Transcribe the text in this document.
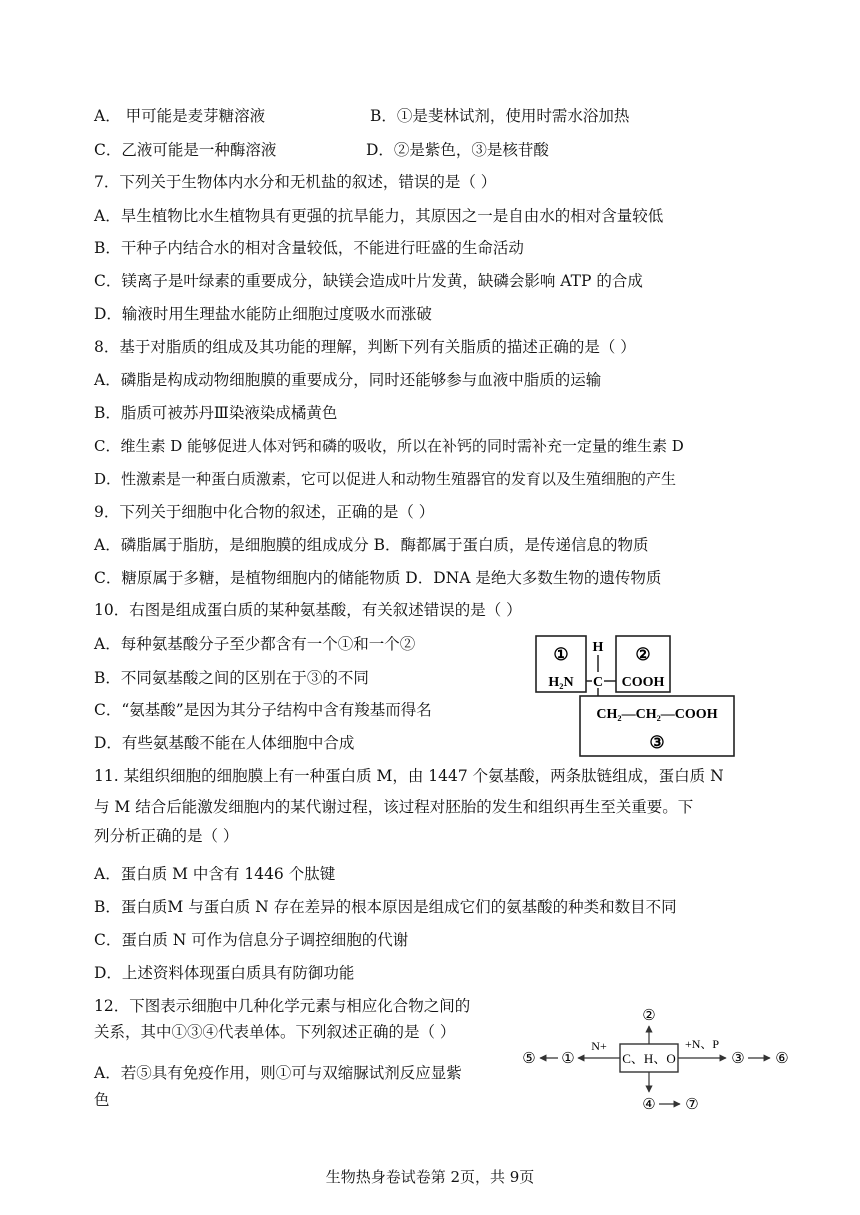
A． 甲可能是麦芽糖溶液	B．①是斐林试剂，使用时需水浴加热
C．乙液可能是一种酶溶液	D．②是紫色，③是核苷酸
7．下列关于生物体内水分和无机盐的叙述，错误的是（ ）
A．旱生植物比水生植物具有更强的抗旱能力，其原因之一是自由水的相对含量较低
B．干种子内结合水的相对含量较低，不能进行旺盛的生命活动
C．镁离子是叶绿素的重要成分，缺镁会造成叶片发黄，缺磷会影响 ATP 的合成
D．输液时用生理盐水能防止细胞过度吸水而涨破
8．基于对脂质的组成及其功能的理解，判断下列有关脂质的描述正确的是（ ）
A．磷脂是构成动物细胞膜的重要成分，同时还能够参与血液中脂质的运输
B．脂质可被苏丹Ⅲ染液染成橘黄色
C．维生素 D 能够促进人体对钙和磷的吸收，所以在补钙的同时需补充一定量的维生素 D
D．性激素是一种蛋白质激素，它可以促进人和动物生殖器官的发育以及生殖细胞的产生
9．下列关于细胞中化合物的叙述，正确的是（ ）
A．磷脂属于脂肪，是细胞膜的组成成分 B．酶都属于蛋白质，是传递信息的物质
C．糖原属于多糖，是植物细胞内的储能物质 D．DNA 是绝大多数生物的遗传物质
10．右图是组成蛋白质的某种氨基酸，有关叙述错误的是（ ）
A．每种氨基酸分子至少都含有一个①和一个②
B．不同氨基酸之间的区别在于③的不同
C．“氨基酸”是因为其分子结构中含有羧基而得名
D．有些氨基酸不能在人体细胞中合成
①
H₂N
H
C
②
COOH
CH₂—CH₂—COOH
③
11. 某组织细胞的细胞膜上有一种蛋白质 M，由 1447 个氨基酸，两条肽链组成，蛋白质 N
与 M 结合后能激发细胞内的某代谢过程，该过程对胚胎的发生和组织再生至关重要。下
列分析正确的是（ ）
A．蛋白质 M 中含有 1446 个肽键
B．蛋白质M 与蛋白质 N 存在差异的根本原因是组成它们的氨基酸的种类和数目不同
C．蛋白质 N 可作为信息分子调控细胞的代谢
D．上述资料体现蛋白质具有防御功能
12．下图表示细胞中几种化学元素与相应化合物之间的
关系，其中①③④代表单体。下列叙述正确的是（ ）
A．若⑤具有免疫作用，则①可与双缩脲试剂反应显紫
色
C、H、O
②
N+
①
⑤
+N、P
③ ⑥
④ ⑦
生物热身卷试卷第 2页，共 9页
